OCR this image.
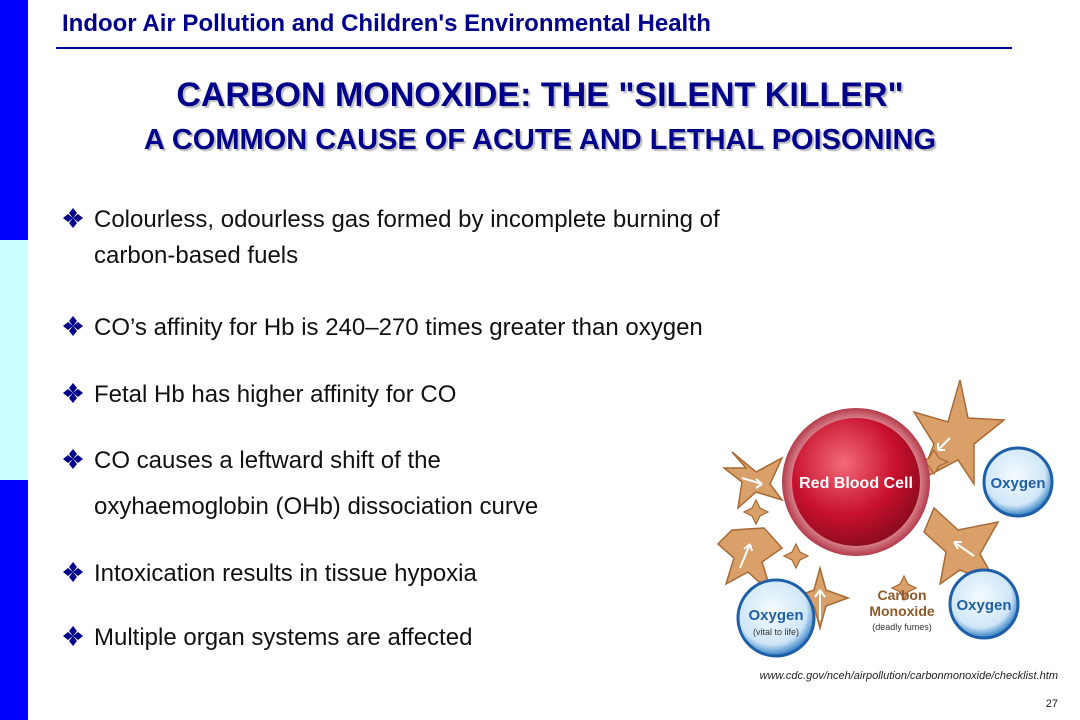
Indoor Air Pollution and Children's Environmental Health
CARBON MONOXIDE: THE "SILENT KILLER"
A COMMON CAUSE OF ACUTE AND LETHAL POISONING
Colourless, odourless gas formed by incomplete burning of
carbon-based fuels
CO’s affinity for Hb is 240–270 times greater than oxygen
Fetal Hb has higher affinity for CO
CO causes a leftward shift of the
oxyhaemoglobin (OHb) dissociation curve
Intoxication results in tissue hypoxia
Multiple organ systems are affected
Red Blood Cell	Oxygen
Oxygen
Oxygen
(vital to life)
Carbon
Monoxide
(deadly fumes)
www.cdc.gov/nceh/airpollution/carbonmonoxide/checklist.htm
27
